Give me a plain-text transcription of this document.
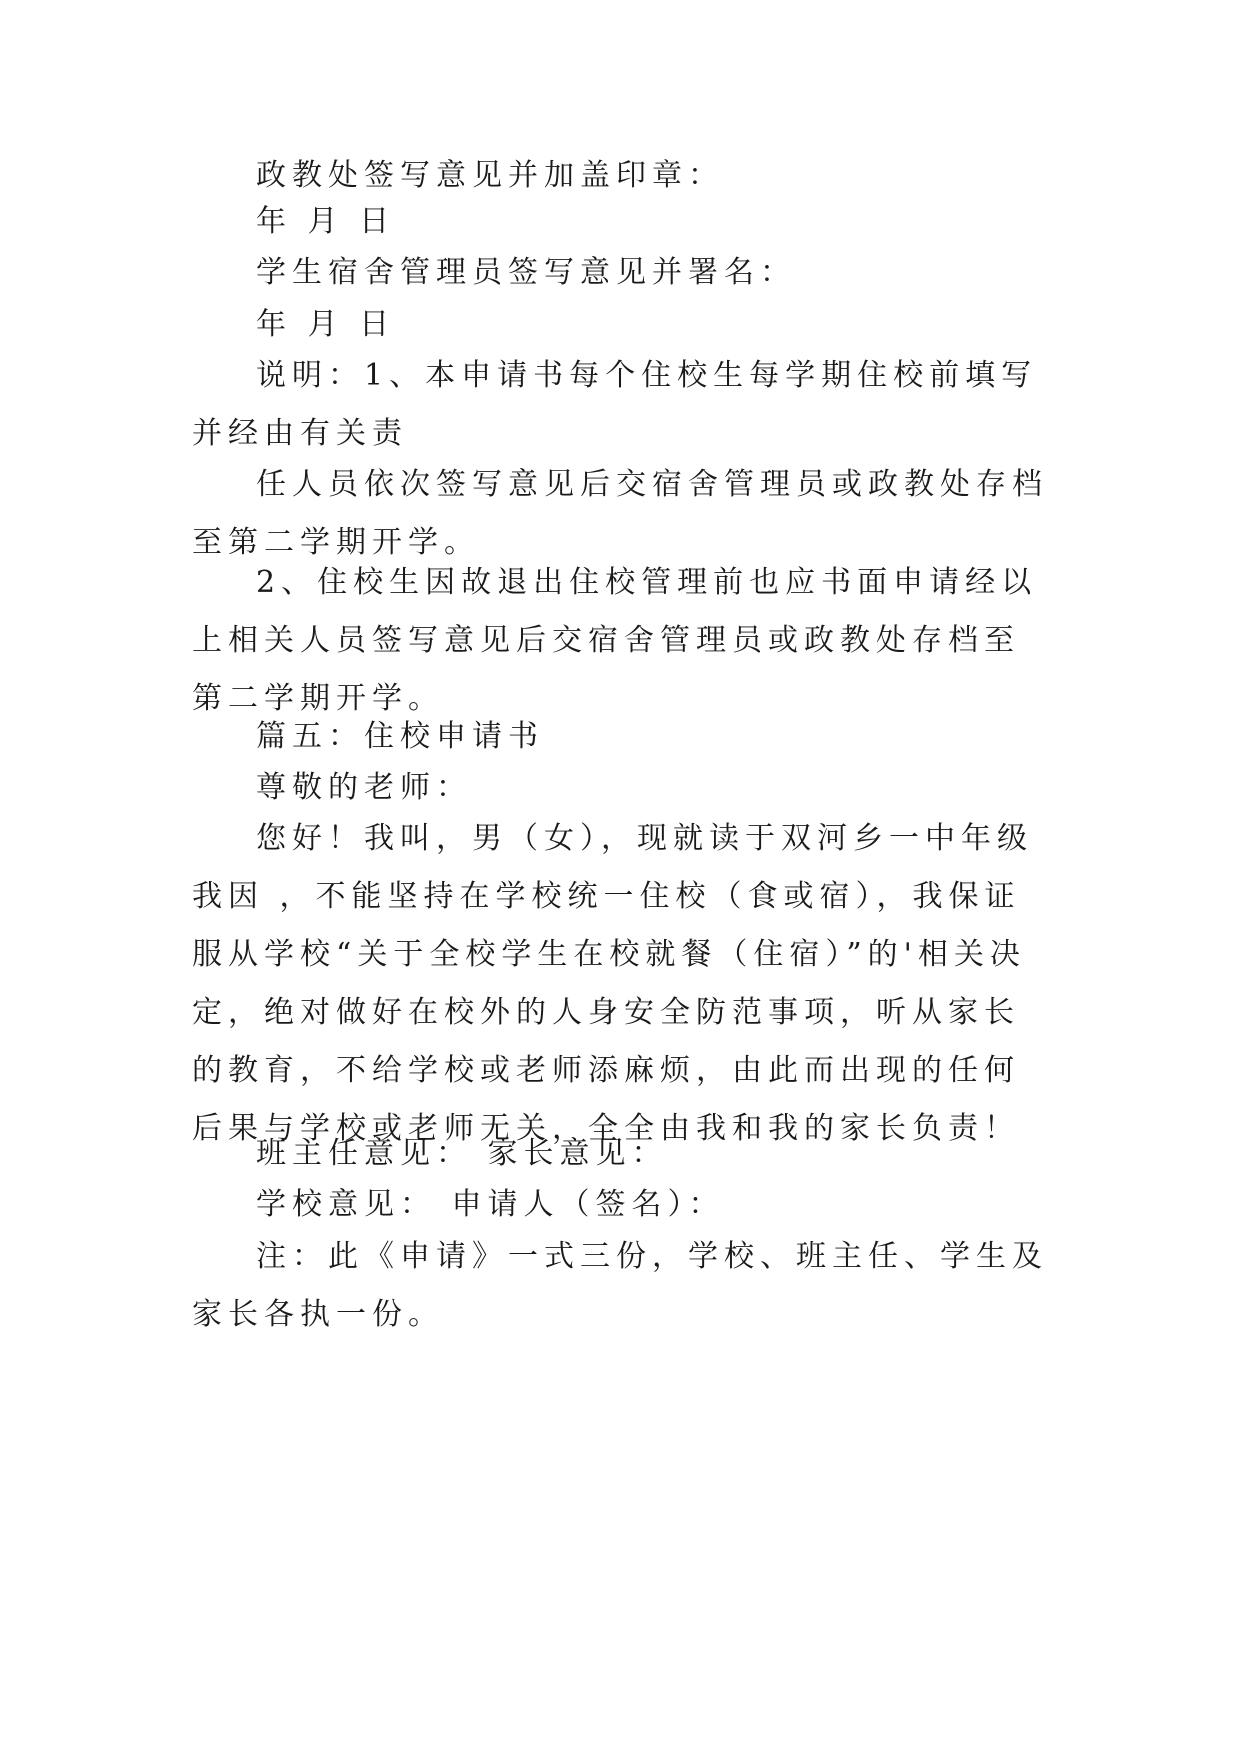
政教处签写意见并加盖印章：
年 月 日
学生宿舍管理员签写意见并署名：
年 月 日
说明：1、本申请书每个住校生每学期住校前填写并经由有关责
任人员依次签写意见后交宿舍管理员或政教处存档至第二学期开学。
2、住校生因故退出住校管理前也应书面申请经以上相关人员签写意见后交宿舍管理员或政教处存档至第二学期开学。
篇五：住校申请书
尊敬的老师：
您好！我叫，男（女），现就读于双河乡一中年级我因 ，不能坚持在学校统一住校（食或宿），我保证服从学校“关于全校学生在校就餐（住宿）”的'相关决定，绝对做好在校外的人身安全防范事项，听从家长的教育，不给学校或老师添麻烦，由此而出现的任何后果与学校或老师无关，全全由我和我的家长负责！
班主任意见： 家长意见：
学校意见： 申请人（签名）：
注：此《申请》一式三份，学校、班主任、学生及家长各执一份。
